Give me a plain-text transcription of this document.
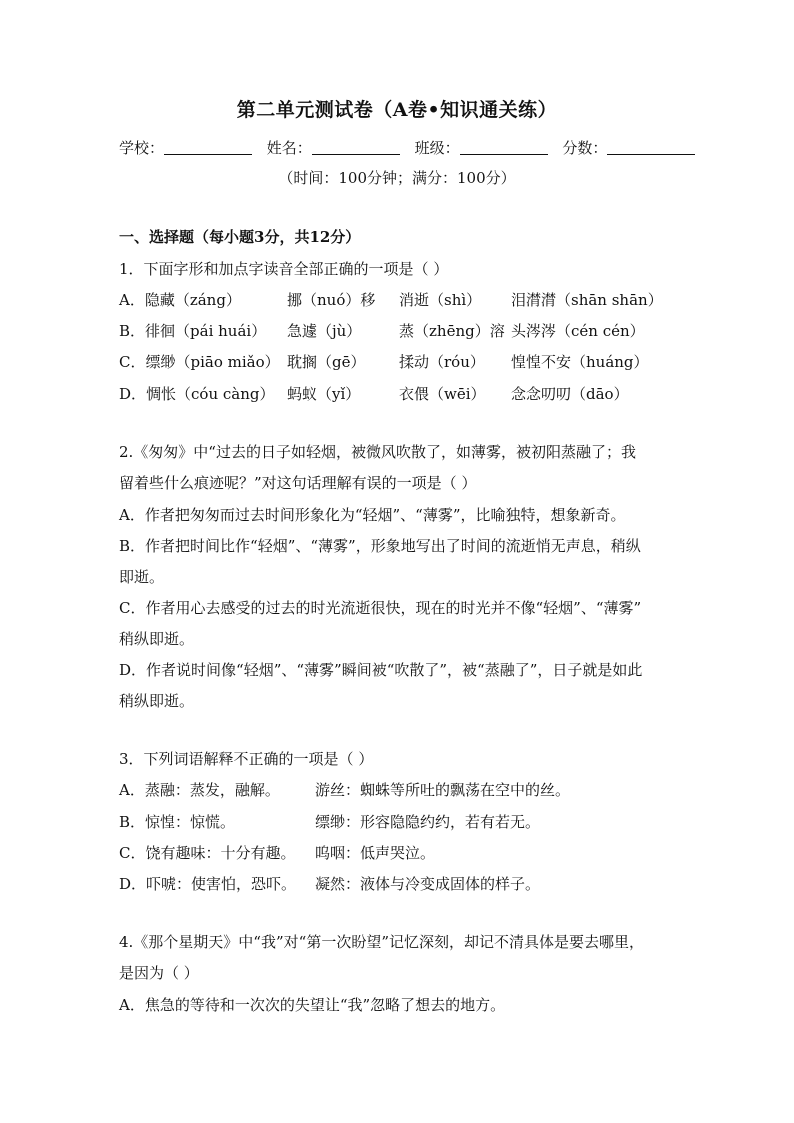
第二单元测试卷（A卷•知识通关练）
学校：	姓名：	班级：	分数：
（时间：100分钟；满分：100分）
一、选择题（每小题3分，共12分）
1．下面字形和加点字读音全部正确的一项是（ ）
A．隐藏（záng）	挪（nuó）移 消逝（shì） 泪潸潸（shān shān）
B．徘徊（pái huái） 急遽（jù）	蒸（zhēng）溶 头涔涔（cén cén）
C．缥缈（piāo miǎo） 耽搁（gē） 揉动（róu） 惶惶不安（huáng）
D．惆怅（cóu càng） 蚂蚁（yǐ）	衣偎（wēi） 念念叨叨（dāo）
2.《匆匆》中“过去的日子如轻烟，被微风吹散了，如薄雾，被初阳蒸融了；我
留着些什么痕迹呢？”对这句话理解有误的一项是（ ）
A．作者把匆匆而过去时间形象化为“轻烟”、“薄雾”，比喻独特，想象新奇。
B．作者把时间比作“轻烟”、“薄雾”，形象地写出了时间的流逝悄无声息，稍纵
即逝。
C．作者用心去感受的过去的时光流逝很快，现在的时光并不像“轻烟”、“薄雾”
稍纵即逝。
D．作者说时间像“轻烟”、“薄雾”瞬间被“吹散了”，被“蒸融了”，日子就是如此
稍纵即逝。
3．下列词语解释不正确的一项是（ ）
A．蒸融：蒸发，融解。 游丝：蜘蛛等所吐的飘荡在空中的丝。
B．惊惶：惊慌。	缥缈：形容隐隐约约，若有若无。
C．饶有趣味：十分有趣。 呜咽：低声哭泣。
D．吓唬：使害怕，恐吓。 凝然：液体与冷变成固体的样子。
4.《那个星期天》中“我”对“第一次盼望”记忆深刻，却记不清具体是要去哪里，
是因为（ ）
A．焦急的等待和一次次的失望让“我”忽略了想去的地方。
